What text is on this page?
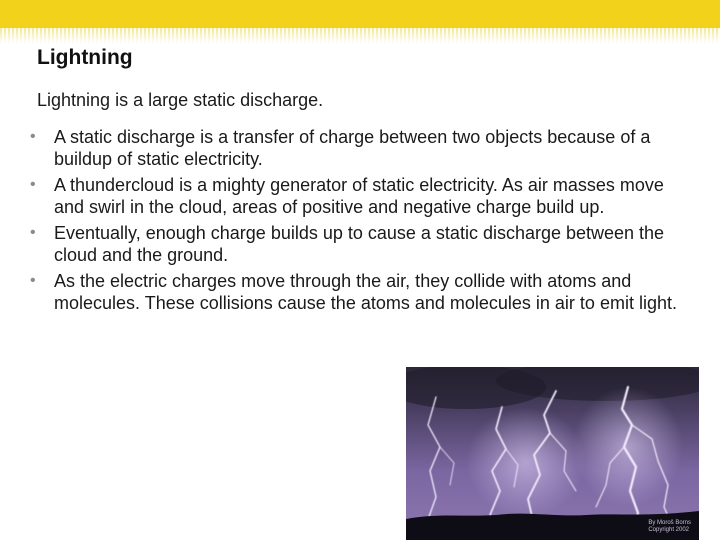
Lightning
Lightning is a large static discharge.
• A static discharge is a transfer of charge between two objects because of a buildup of static electricity.
• A thundercloud is a mighty generator of static electricity. As air masses move and swirl in the cloud, areas of positive and negative charge build up.
• Eventually, enough charge builds up to cause a static discharge between the cloud and the ground.
• As the electric charges move through the air, they collide with atoms and molecules. These collisions cause the atoms and molecules in air to emit light.
By Moroš Borns
Copyright 2002
